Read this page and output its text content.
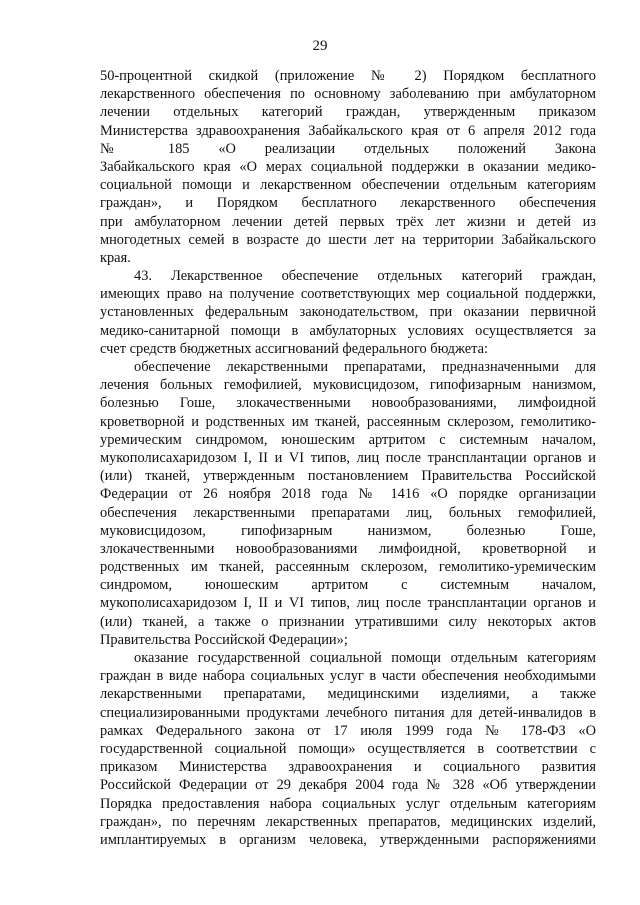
29
50-процентной скидкой (приложение № 2) Порядком бесплатного
лекарственного обеспечения по основному заболеванию при амбулаторном
лечении отдельных категорий граждан, утвержденным приказом
Министерства здравоохранения Забайкальского края от 6 апреля 2012 года
№ 185 «О реализации отдельных положений Закона
Забайкальского края «О мерах социальной поддержки в оказании медико-
социальной помощи и лекарственном обеспечении отдельным категориям
граждан», и Порядком бесплатного лекарственного обеспечения
при амбулаторном лечении детей первых трёх лет жизни и детей из
многодетных семей в возрасте до шести лет на территории Забайкальского
края.
43. Лекарственное обеспечение отдельных категорий граждан,
имеющих право на получение соответствующих мер социальной поддержки,
установленных федеральным законодательством, при оказании первичной
медико-санитарной помощи в амбулаторных условиях осуществляется за
счет средств бюджетных ассигнований федерального бюджета:
обеспечение лекарственными препаратами, предназначенными для
лечения больных гемофилией, муковисцидозом, гипофизарным нанизмом,
болезнью Гоше, злокачественными новообразованиями, лимфоидной
кроветворной и родственных им тканей, рассеянным склерозом, гемолитико-
уремическим синдромом, юношеским артритом с системным началом,
мукополисахаридозом I, II и VI типов, лиц после трансплантации органов и
(или) тканей, утвержденным постановлением Правительства Российской
Федерации от 26 ноября 2018 года № 1416 «О порядке организации
обеспечения лекарственными препаратами лиц, больных гемофилией,
муковисцидозом, гипофизарным нанизмом, болезнью Гоше,
злокачественными новообразованиями лимфоидной, кроветворной и
родственных им тканей, рассеянным склерозом, гемолитико-уремическим
синдромом, юношеским артритом с системным началом,
мукополисахаридозом I, II и VI типов, лиц после трансплантации органов и
(или) тканей, а также о признании утратившими силу некоторых актов
Правительства Российской Федерации»;
оказание государственной социальной помощи отдельным категориям
граждан в виде набора социальных услуг в части обеспечения необходимыми
лекарственными препаратами, медицинскими изделиями, а также
специализированными продуктами лечебного питания для детей-инвалидов в
рамках Федерального закона от 17 июля 1999 года № 178-ФЗ «О
государственной социальной помощи» осуществляется в соответствии с
приказом Министерства здравоохранения и социального развития
Российской Федерации от 29 декабря 2004 года № 328 «Об утверждении
Порядка предоставления набора социальных услуг отдельным категориям
граждан», по перечням лекарственных препаратов, медицинских изделий,
имплантируемых в организм человека, утвержденными распоряжениями
